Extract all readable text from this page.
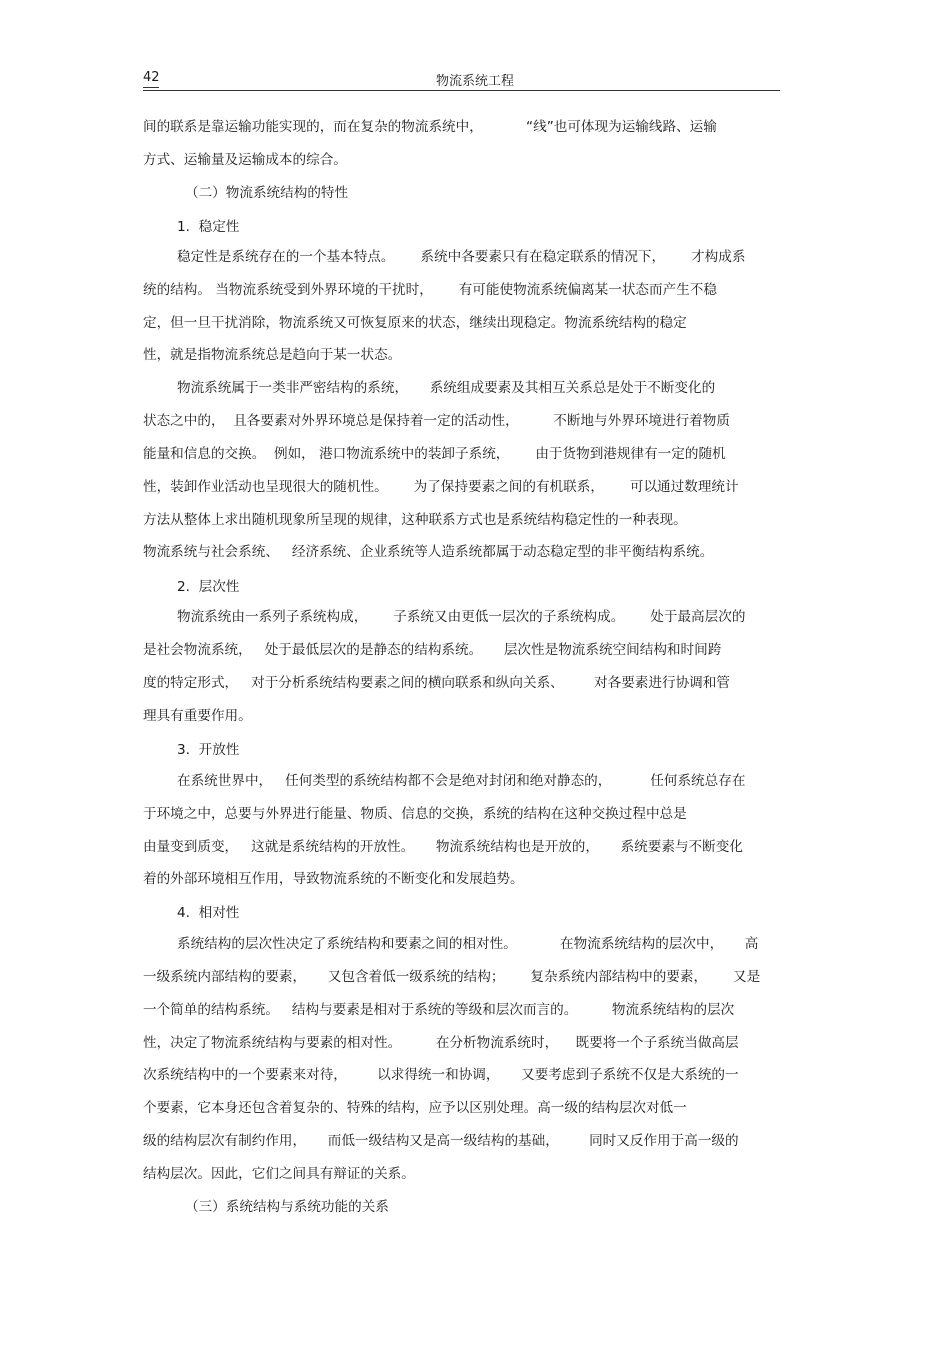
42	物流系统工程
间的联系是靠运输功能实现的，而在复杂的物流系统中，          “线”也可体现为运输线路、运输
方式、运输量及运输成本的综合。
（二）物流系统结构的特性
1.  稳定性
稳定性是系统存在的一个基本特点。      系统中各要素只有在稳定联系的情况下，      才构成系
统的结构。 当物流系统受到外界环境的干扰时，      有可能使物流系统偏离某一状态而产生不稳
定，但一旦干扰消除，物流系统又可恢复原来的状态，继续出现稳定。物流系统结构的稳定
性，就是指物流系统总是趋向于某一状态。
物流系统属于一类非严密结构的系统，     系统组成要素及其相互关系总是处于不断变化的
状态之中的，  且各要素对外界环境总是保持着一定的活动性，        不断地与外界环境进行着物质
能量和信息的交换。  例如， 港口物流系统中的装卸子系统，      由于货物到港规律有一定的随机
性，装卸作业活动也呈现很大的随机性。      为了保持要素之间的有机联系，      可以通过数理统计
方法从整体上求出随机现象所呈现的规律，这种联系方式也是系统结构稳定性的一种表现。
物流系统与社会系统、   经济系统、企业系统等人造系统都属于动态稳定型的非平衡结构系统。
2.  层次性
物流系统由一系列子系统构成，      子系统又由更低一层次的子系统构成。      处于最高层次的
是社会物流系统，   处于最低层次的是静态的结构系统。     层次性是物流系统空间结构和时间跨
度的特定形式，   对于分析系统结构要素之间的横向联系和纵向关系、       对各要素进行协调和管
理具有重要作用。
3.  开放性
在系统世界中，   任何类型的系统结构都不会是绝对封闭和绝对静态的，         任何系统总存在
于环境之中，总要与外界进行能量、物质、信息的交换，系统的结构在这种交换过程中总是
由量变到质变，   这就是系统结构的开放性。     物流系统结构也是开放的，     系统要素与不断变化
着的外部环境相互作用，导致物流系统的不断变化和发展趋势。
4.  相对性
系统结构的层次性决定了系统结构和要素之间的相对性。          在物流系统结构的层次中，     高
一级系统内部结构的要素，     又包含着低一级系统的结构；      复杂系统内部结构中的要素，      又是
一个简单的结构系统。   结构与要素是相对于系统的等级和层次而言的。        物流系统结构的层次
性，决定了物流系统结构与要素的相对性。        在分析物流系统时，    既要将一个子系统当做高层
次系统结构中的一个要素来对待，       以求得统一和协调，     又要考虑到子系统不仅是大系统的一
个要素，它本身还包含着复杂的、特殊的结构，应予以区别处理。高一级的结构层次对低一
级的结构层次有制约作用，     而低一级结构又是高一级结构的基础，       同时又反作用于高一级的
结构层次。因此，它们之间具有辩证的关系。
（三）系统结构与系统功能的关系
